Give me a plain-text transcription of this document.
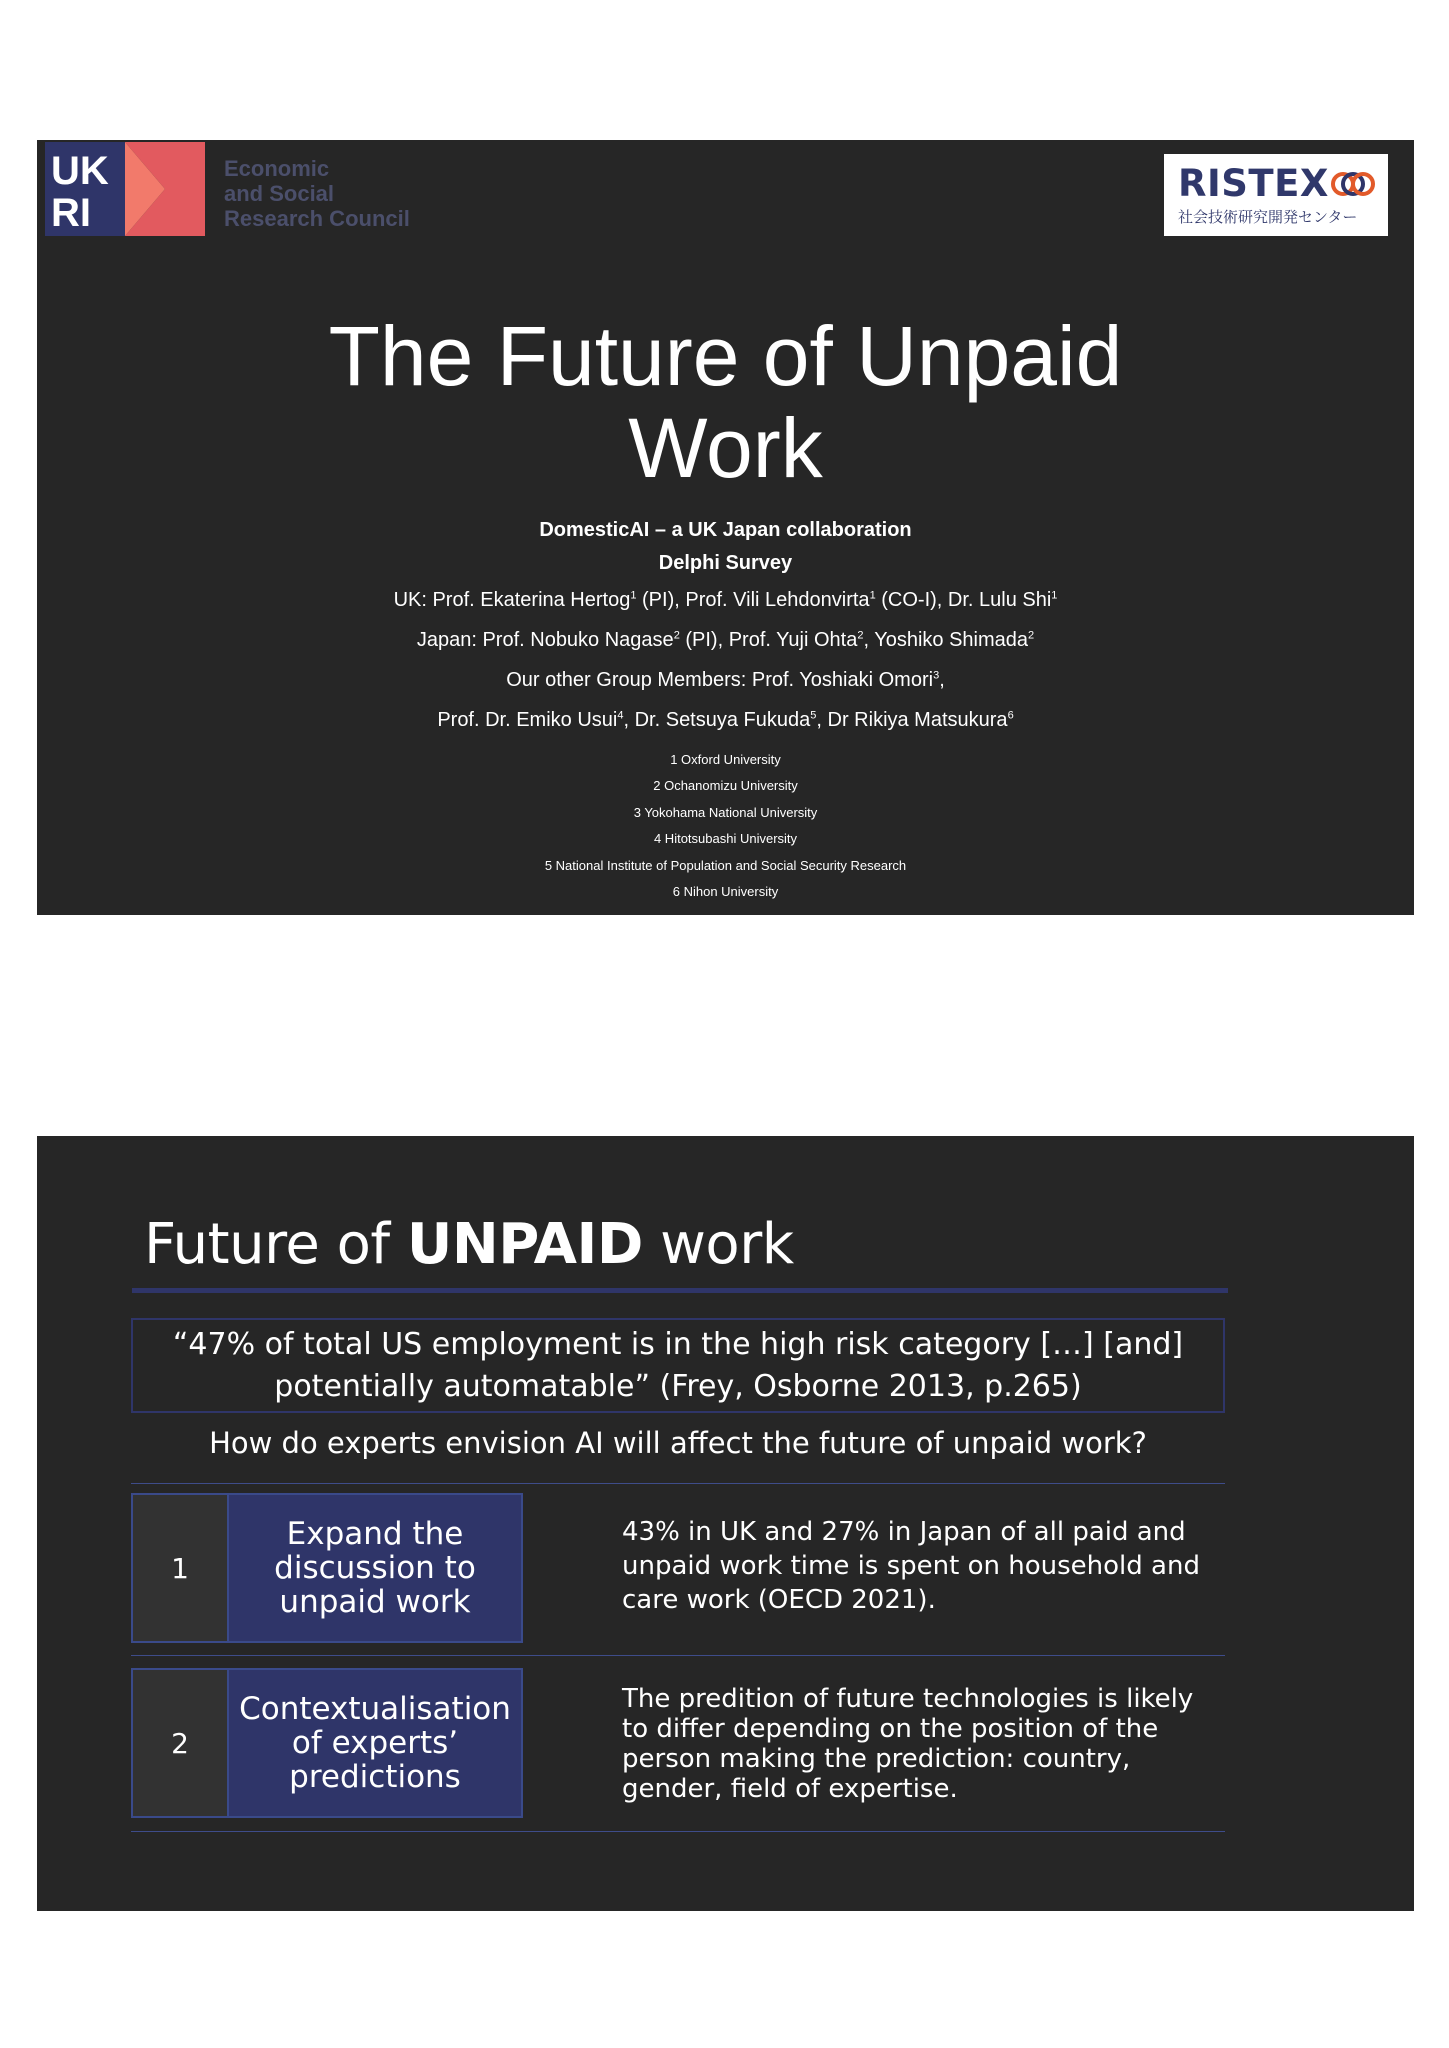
UK
RI
Economic
and Social
Research Council
RISTEX
社会技術研究開発センター
The Future of Unpaid
Work
DomesticAI – a UK Japan collaboration
Delphi Survey
UK: Prof. Ekaterina Hertog$^1$ (PI), Prof. Vili Lehdonvirta$^1$ (CO-I), Dr. Lulu Shi$^1$
Japan: Prof. Nobuko Nagase$^2$ (PI), Prof. Yuji Ohta$^2$, Yoshiko Shimada$^2$
Our other Group Members: Prof. Yoshiaki Omori$^3$,
Prof. Dr. Emiko Usui$^4$, Dr. Setsuya Fukuda$^5$, Dr Rikiya Matsukura$^6$
1 Oxford University
2 Ochanomizu University
3 Yokohama National University
4 Hitotsubashi University
5 National Institute of Population and Social Security Research
6 Nihon University
Future of UNPAID work
“47% of total US employment is in the high risk category […] [and]
potentially automatable” (Frey, Osborne 2013, p.265)
How do experts envision AI will affect the future of unpaid work?
1
Expand the
discussion to
unpaid work
43% in UK and 27% in Japan of all paid and
unpaid work time is spent on household and
care work (OECD 2021).
2
Contextualisation
of experts’
predictions
The predition of future technologies is likely
to differ depending on the position of the
person making the prediction: country,
gender, field of expertise.
